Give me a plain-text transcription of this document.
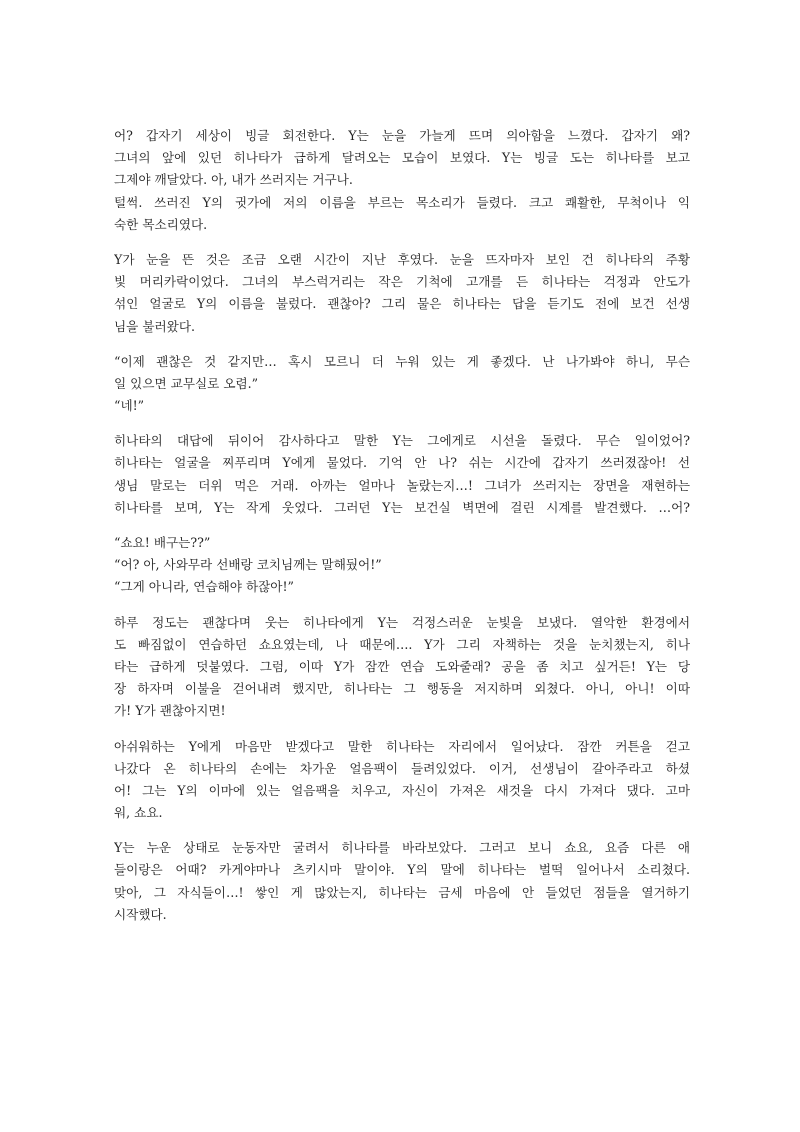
어? 갑자기 세상이 빙글 회전한다. Y는 눈을 가늘게 뜨며 의아함을 느꼈다. 갑자기 왜?
그녀의 앞에 있던 히나타가 급하게 달려오는 모습이 보였다. Y는 빙글 도는 히나타를 보고
그제야 깨달았다. 아, 내가 쓰러지는 거구나.
털썩. 쓰러진 Y의 귓가에 저의 이름을 부르는 목소리가 들렸다. 크고 쾌활한, 무척이나 익
숙한 목소리였다.
Y가 눈을 뜬 것은 조금 오랜 시간이 지난 후였다. 눈을 뜨자마자 보인 건 히나타의 주황
빛 머리카락이었다. 그녀의 부스럭거리는 작은 기척에 고개를 든 히나타는 걱정과 안도가
섞인 얼굴로 Y의 이름을 불렀다. 괜찮아? 그리 물은 히나타는 답을 듣기도 전에 보건 선생
님을 불러왔다.
“이제 괜찮은 것 같지만… 혹시 모르니 더 누워 있는 게 좋겠다. 난 나가봐야 하니, 무슨
일 있으면 교무실로 오렴.”
“네!”
히나타의 대답에 뒤이어 감사하다고 말한 Y는 그에게로 시선을 돌렸다. 무슨 일이었어?
히나타는 얼굴을 찌푸리며 Y에게 물었다. 기억 안 나? 쉬는 시간에 갑자기 쓰러졌잖아! 선
생님 말로는 더위 먹은 거래. 아까는 얼마나 놀랐는지…! 그녀가 쓰러지는 장면을 재현하는
히나타를 보며, Y는 작게 웃었다. 그러던 Y는 보건실 벽면에 걸린 시계를 발견했다. …어?
“쇼요! 배구는??”
“어? 아, 사와무라 선배랑 코치님께는 말해뒀어!”
“그게 아니라, 연습해야 하잖아!”
하루 정도는 괜찮다며 웃는 히나타에게 Y는 걱정스러운 눈빛을 보냈다. 열악한 환경에서
도 빠짐없이 연습하던 쇼요였는데, 나 때문에…. Y가 그리 자책하는 것을 눈치챘는지, 히나
타는 급하게 덧붙였다. 그럼, 이따 Y가 잠깐 연습 도와줄래? 공을 좀 치고 싶거든! Y는 당
장 하자며 이불을 걷어내려 했지만, 히나타는 그 행동을 저지하며 외쳤다. 아니, 아니! 이따
가! Y가 괜찮아지면!
아쉬워하는 Y에게 마음만 받겠다고 말한 히나타는 자리에서 일어났다. 잠깐 커튼을 걷고
나갔다 온 히나타의 손에는 차가운 얼음팩이 들려있었다. 이거, 선생님이 갈아주라고 하셨
어! 그는 Y의 이마에 있는 얼음팩을 치우고, 자신이 가져온 새것을 다시 가져다 댔다. 고마
워, 쇼요.
Y는 누운 상태로 눈동자만 굴려서 히나타를 바라보았다. 그러고 보니 쇼요, 요즘 다른 애
들이랑은 어때? 카게야마나 츠키시마 말이야. Y의 말에 히나타는 벌떡 일어나서 소리쳤다.
맞아, 그 자식들이…! 쌓인 게 많았는지, 히나타는 금세 마음에 안 들었던 점들을 열거하기
시작했다.
